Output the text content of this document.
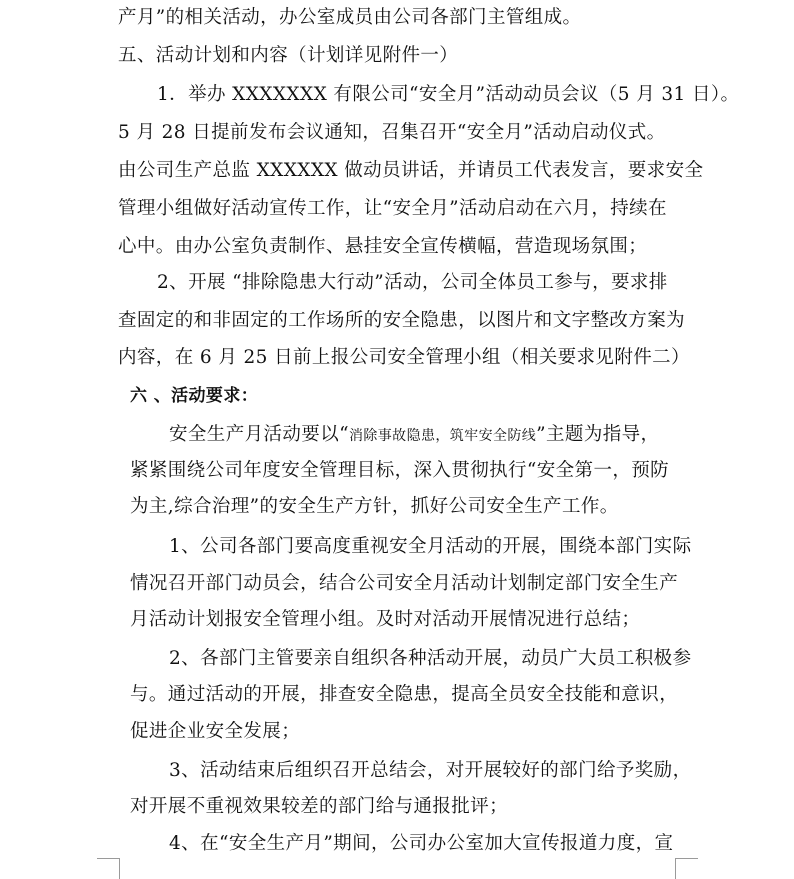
产月”的相关活动，办公室成员由公司各部门主管组成。
五、活动计划和内容（计划详见附件一）
1．举办 XXXXXXX 有限公司“安全月”活动动员会议（5 月 31 日）。
5 月 28 日提前发布会议通知，召集召开“安全月”活动启动仪式。
由公司生产总监 XXXXXX 做动员讲话，并请员工代表发言，要求安全
管理小组做好活动宣传工作，让“安全月”活动启动在六月，持续在
心中。由办公室负责制作、悬挂安全宣传横幅，营造现场氛围；
2、开展 “排除隐患大行动”活动，公司全体员工参与，要求排
查固定的和非固定的工作场所的安全隐患，以图片和文字整改方案为
内容，在 6 月 25 日前上报公司安全管理小组（相关要求见附件二）
六 、活动要求：
安全生产月活动要以“消除事故隐患，筑牢安全防线”主题为指导，
紧紧围绕公司年度安全管理目标，深入贯彻执行“安全第一，预防
为主,综合治理”的安全生产方针，抓好公司安全生产工作。
1、公司各部门要高度重视安全月活动的开展，围绕本部门实际
情况召开部门动员会，结合公司安全月活动计划制定部门安全生产
月活动计划报安全管理小组。及时对活动开展情况进行总结；
2、各部门主管要亲自组织各种活动开展，动员广大员工积极参
与。通过活动的开展，排查安全隐患，提高全员安全技能和意识，
促进企业安全发展；
3、活动结束后组织召开总结会，对开展较好的部门给予奖励，
对开展不重视效果较差的部门给与通报批评；
4、在“安全生产月”期间，公司办公室加大宣传报道力度，宣
